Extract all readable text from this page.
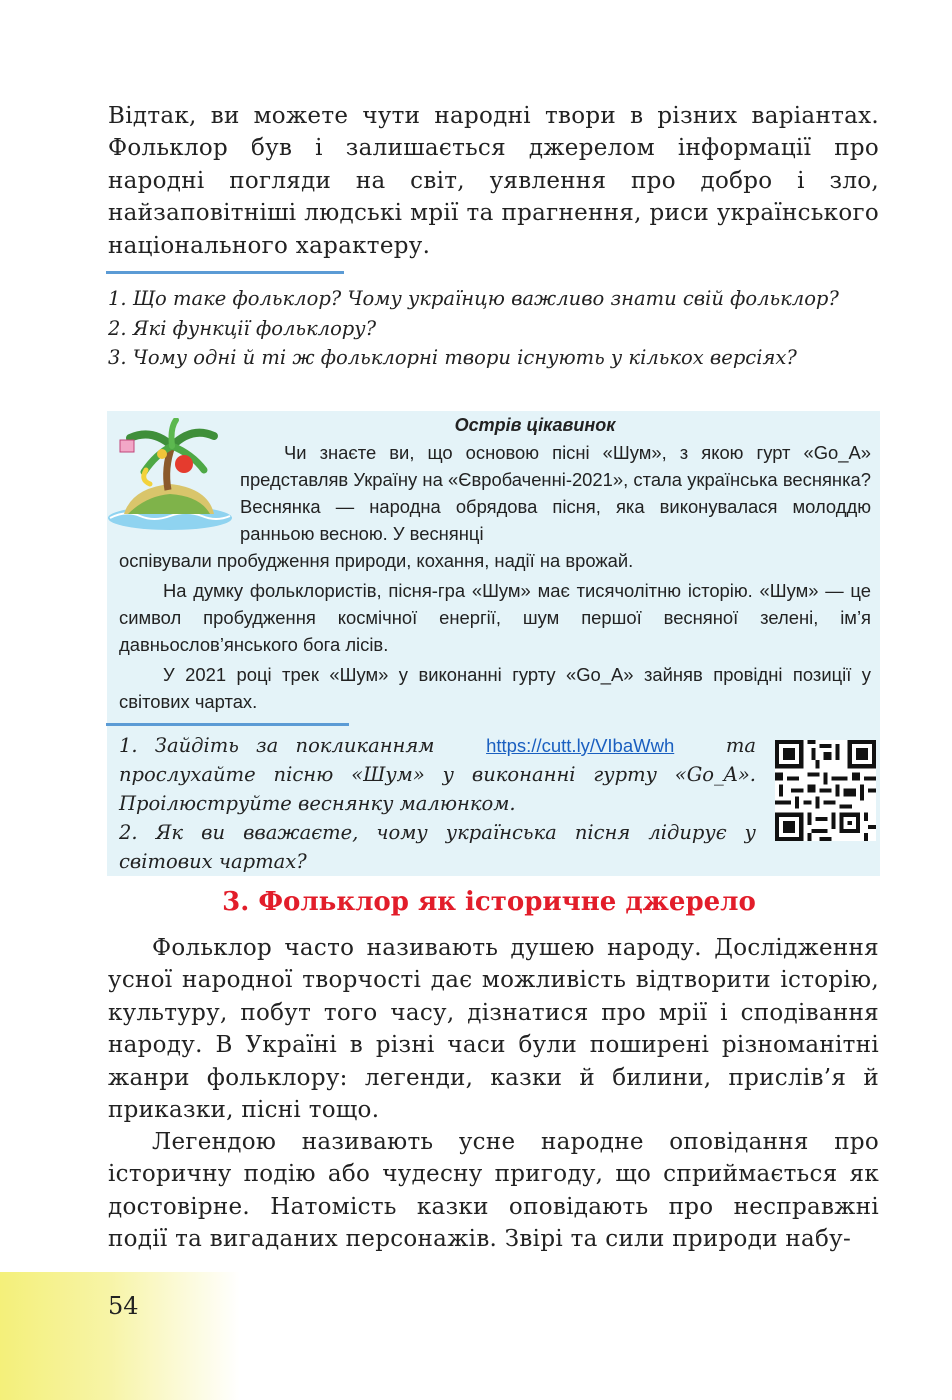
Відтак, ви можете чути народні твори в різних варіантах. Фольклор був і залишається джерелом інформації про народні погляди на світ, уявлення про добро і зло, найзаповітніші людські мрії та прагнення, риси українського національного характеру.
1. Що таке фольклор? Чому українцю важливо знати свій фольклор?
2. Які функції фольклору?
3. Чому одні й ті ж фольклорні твори існують у кількох версіях?
Острів цікавинок
Чи знаєте ви, що основою пісні «Шум», з якою гурт «Go_A» представляв Україну на «Євробаченні-2021», стала українська веснянка? Веснянка — народна обрядова пісня, яка виконувалася молоддю ранньою весною. У веснянці
оспівували пробудження природи, кохання, надії на врожай.
На думку фольклористів, пісня-гра «Шум» має тисячолітню історію. «Шум» — це символ пробудження космічної енергії, шум першої весняної зелені, ім’я давньослов’янського бога лісів.
У 2021 році трек «Шум» у виконанні гурту «Go_A» зайняв провідні позиції у світових чартах.
1. Зайдіть за покликанням	https://cutt.ly/VIbaWwh	та прослухайте пісню «Шум» у виконанні гурту «Go_A». Проілюструйте веснянку малюнком.
2. Як ви вважаєте, чому українська пісня лідирує у світових чартах?
3. Фольклор як історичне джерело
Фольклор часто називають душею народу. Дослідження усної народної творчості дає можливість відтворити історію, культуру, побут того часу, дізнатися про мрії і сподівання народу. В Україні в різні часи були поширені різноманітні жанри фольклору: легенди, казки й билини, прислів’я й приказки, пісні тощо.
Легендою називають усне народне оповідання про історичну подію або чудесну пригоду, що сприймається як достовірне. Натомість казки оповідають про несправжні події та вигаданих персонажів. Звірі та сили природи набу-
54
